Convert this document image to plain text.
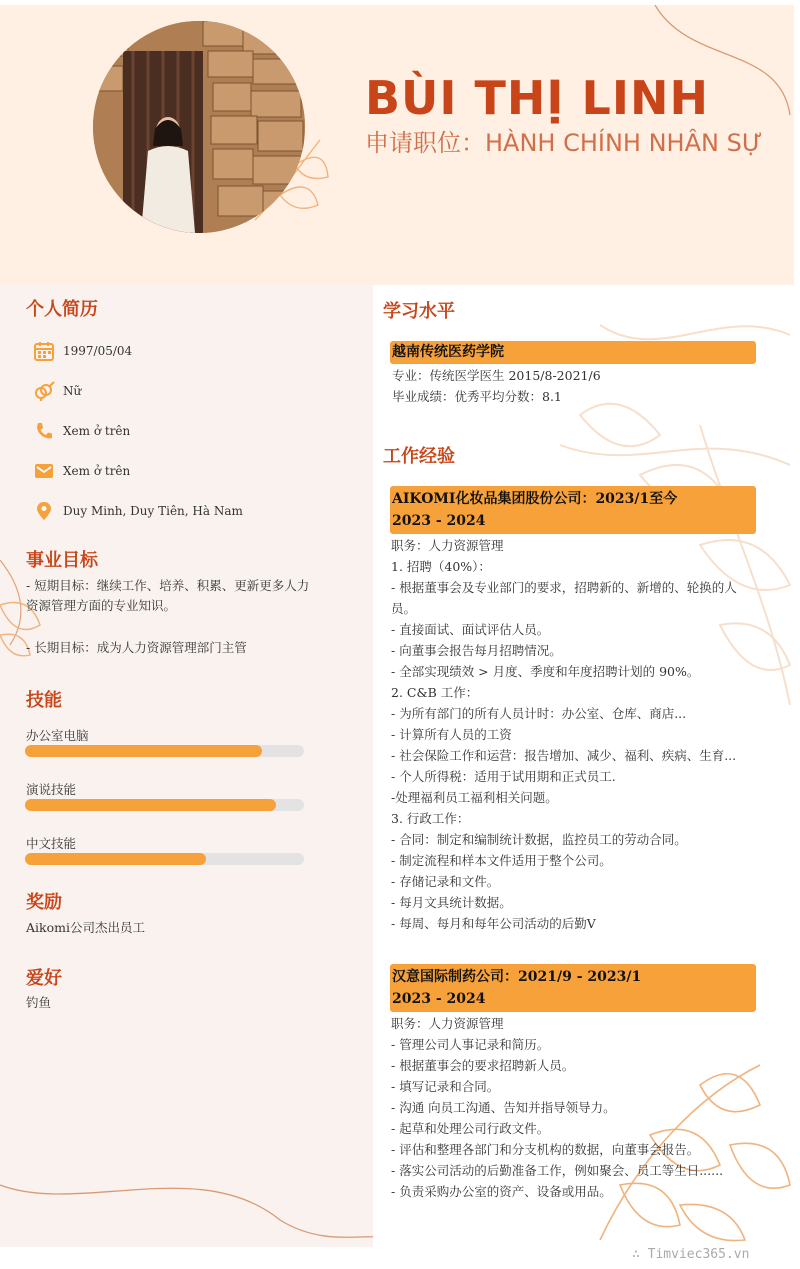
BÙI THỊ LINH
申请职位：HÀNH CHÍNH NHÂN SỰ
个人简历
1997/05/04
Nữ
Xem ở trên
Xem ở trên
Duy Minh, Duy Tiên, Hà Nam
事业目标
- 短期目标：继续工作、培养、积累、更新更多人力资源管理方面的专业知识。
- 长期目标：成为人力资源管理部门主管
技能
办公室电脑
演说技能
中文技能
奖励
Aikomi公司杰出员工
爱好
钓鱼
学习水平
越南传统医药学院
专业：传统医学医生 2015/8-2021/6
毕业成绩：优秀平均分数：8.1
工作经验
AIKOMI化妆品集团股份公司：2023/1至今
2023 - 2024
职务：人力资源管理
1. 招聘（40%）：
- 根据董事会及专业部门的要求，招聘新的、新增的、轮换的人员。
- 直接面试、面试评估人员。
- 向董事会报告每月招聘情况。
- 全部实现绩效 > 月度、季度和年度招聘计划的 90%。
2. C&B 工作：
- 为所有部门的所有人员计时：办公室、仓库、商店...
- 计算所有人员的工资
- 社会保险工作和运营：报告增加、减少、福利、疾病、生育...
- 个人所得税：适用于试用期和正式员工.
-处理福利员工福利相关问题。
3. 行政工作：
- 合同：制定和编制统计数据，监控员工的劳动合同。
- 制定流程和样本文件适用于整个公司。
- 存储记录和文件。
- 每月文具统计数据。
- 每周、每月和每年公司活动的后勤V
汉意国际制药公司：2021/9 - 2023/1
2023 - 2024
职务：人力资源管理
- 管理公司人事记录和简历。
- 根据董事会的要求招聘新人员。
- 填写记录和合同。
- 沟通 向员工沟通、告知并指导领导力。
- 起草和处理公司行政文件。
- 评估和整理各部门和分支机构的数据，向董事会报告。
- 落实公司活动的后勤准备工作，例如聚会、员工等生日......
- 负责采购办公室的资产、设备或用品。
∴ Timviec365.vn
